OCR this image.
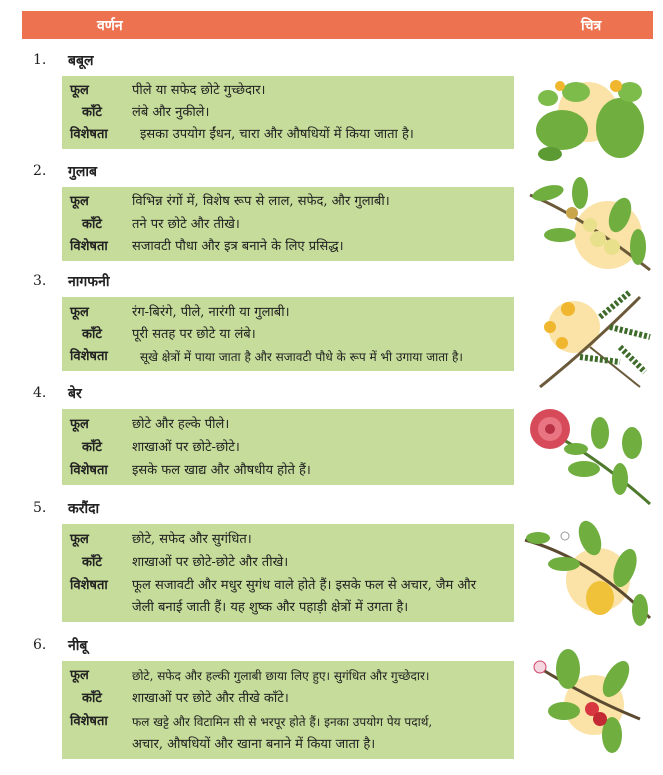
वर्णन	चित्र
1. बबूल
फूल	पीले या सफेद छोटे गुच्छेदार।
काँटे लंबे और नुकीले।
विशेषता इसका उपयोग ईंधन, चारा और औषधियों में किया जाता है।
2. गुलाब
फूल	विभिन्न रंगों में, विशेष रूप से लाल, सफेद, और गुलाबी।
काँटे तने पर छोटे और तीखे।
विशेषता सजावटी पौधा और इत्र बनाने के लिए प्रसिद्ध।
3. नागफनी
फूल	रंग-बिरंगे, पीले, नारंगी या गुलाबी।
काँटे पूरी सतह पर छोटे या लंबे।
विशेषता	सूखे क्षेत्रों में पाया जाता है और सजावटी पौधे के रूप में भी उगाया जाता है।
4. बेर
फूल	छोटे और हल्के पीले।
काँटे शाखाओं पर छोटे-छोटे।
विशेषता इसके फल खाद्य और औषधीय होते हैं।
5. करौंदा
फूल	छोटे, सफेद और सुगंधित।
काँटे शाखाओं पर छोटे-छोटे और तीखे।
विशेषता फूल सजावटी और मधुर सुगंध वाले होते हैं। इसके फल से अचार, जैम और
जेली बनाई जाती हैं। यह शुष्क और पहाड़ी क्षेत्रों में उगता है।
6. नीबू
फूल	छोटे, सफेद और हल्की गुलाबी छाया लिए हुए। सुगंधित और गुच्छेदार।
काँटे शाखाओं पर छोटे और तीखे काँटे।
विशेषता फल खट्टे और विटामिन सी से भरपूर होते हैं। इनका उपयोग पेय पदार्थ,
अचार, औषधियों और खाना बनाने में किया जाता है।
